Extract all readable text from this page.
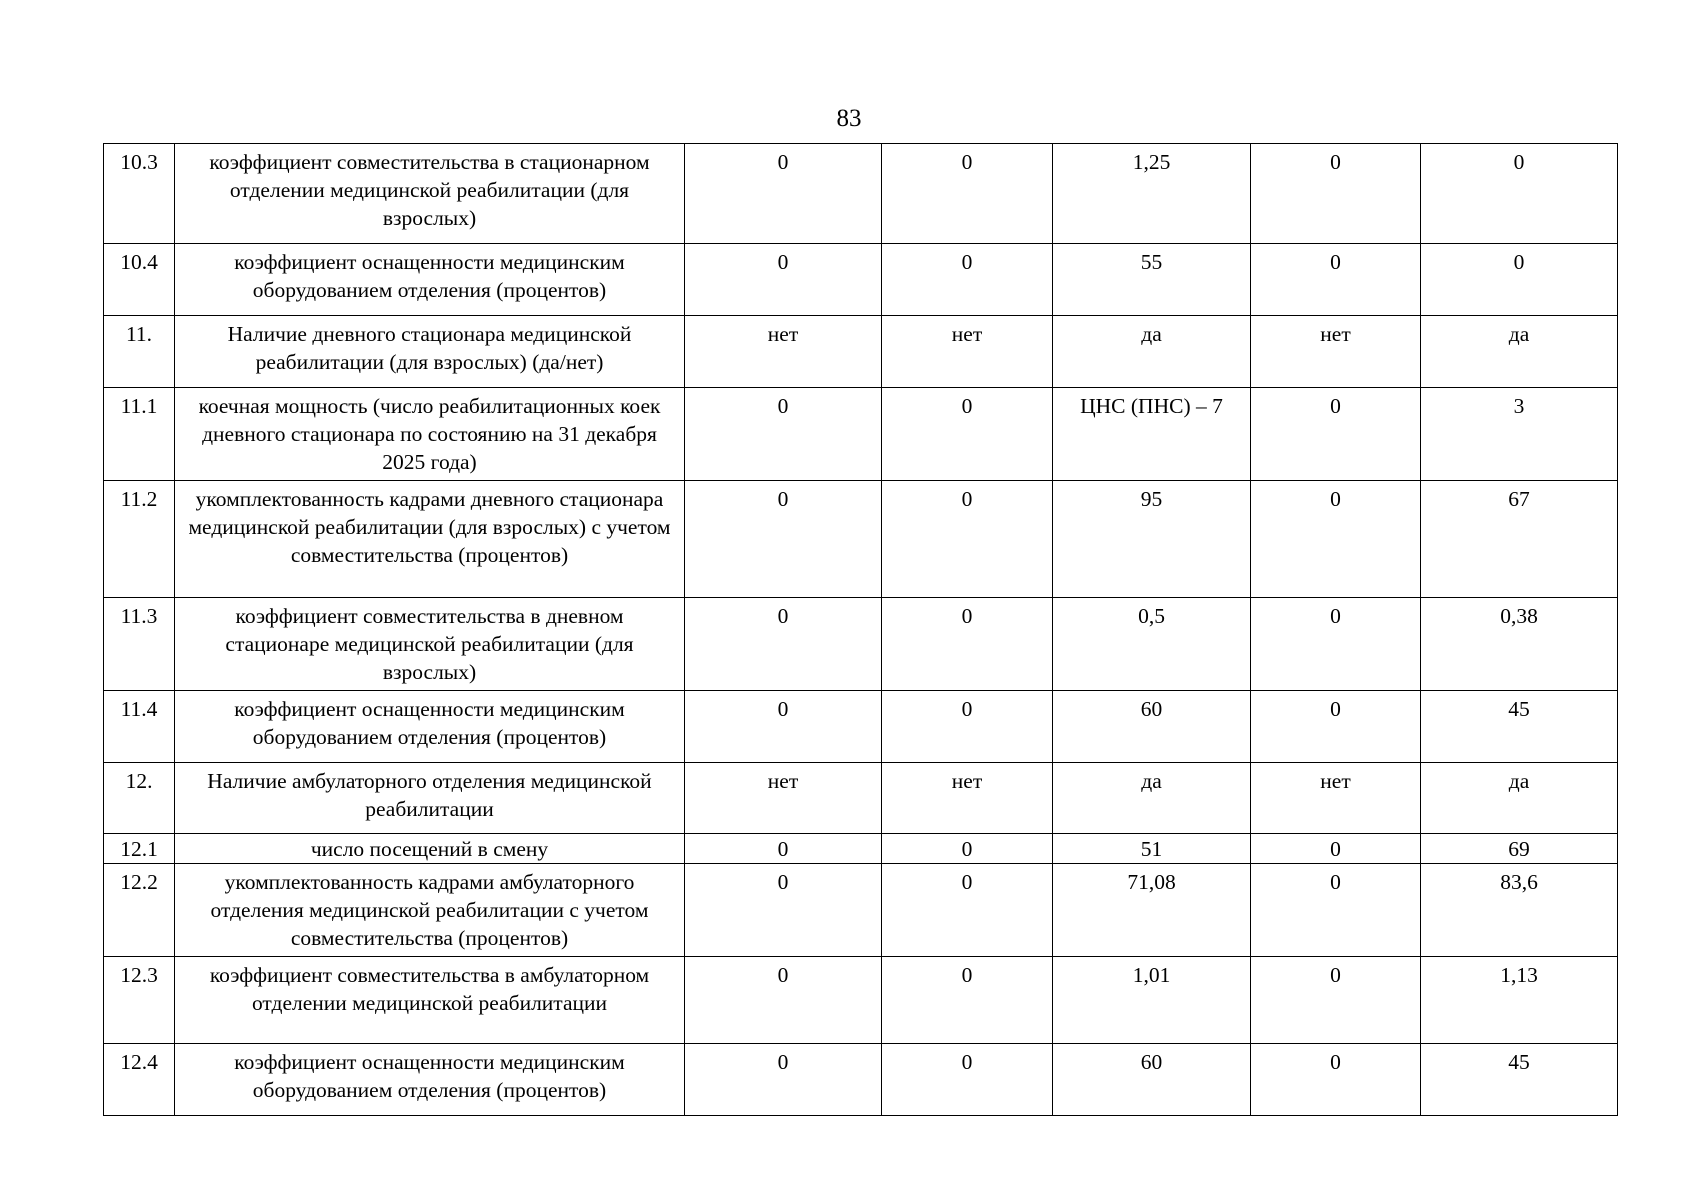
83
10.3	коэффициент совместительства в стационарном отделении медицинской реабилитации (для взрослых)	0	0	1,25	0	0
10.4	коэффициент оснащенности медицинским оборудованием отделения (процентов)	0	0	55	0	0
11.	Наличие дневного стационара медицинской реабилитации (для взрослых) (да/нет)	нет	нет	да	нет	да
11.1	коечная мощность (число реабилитационных коек дневного стационара по состоянию на 31 декабря 2025 года)	0	0	ЦНС (ПНС) – 7	0	3
11.2	укомплектованность кадрами дневного стационара медицинской реабилитации (для взрослых) с учетом совместительства (процентов)	0	0	95	0	67
11.3	коэффициент совместительства в дневном стационаре медицинской реабилитации (для взрослых)	0	0	0,5	0	0,38
11.4	коэффициент оснащенности медицинским оборудованием отделения (процентов)	0	0	60	0	45
12.	Наличие амбулаторного отделения медицинской реабилитации	нет	нет	да	нет	да
12.1	число посещений в смену	0	0	51	0	69
12.2	укомплектованность кадрами амбулаторного отделения медицинской реабилитации с учетом совместительства (процентов)	0	0	71,08	0	83,6
12.3	коэффициент совместительства в амбулаторном отделении медицинской реабилитации	0	0	1,01	0	1,13
12.4	коэффициент оснащенности медицинским оборудованием отделения (процентов)	0	0	60	0	45
